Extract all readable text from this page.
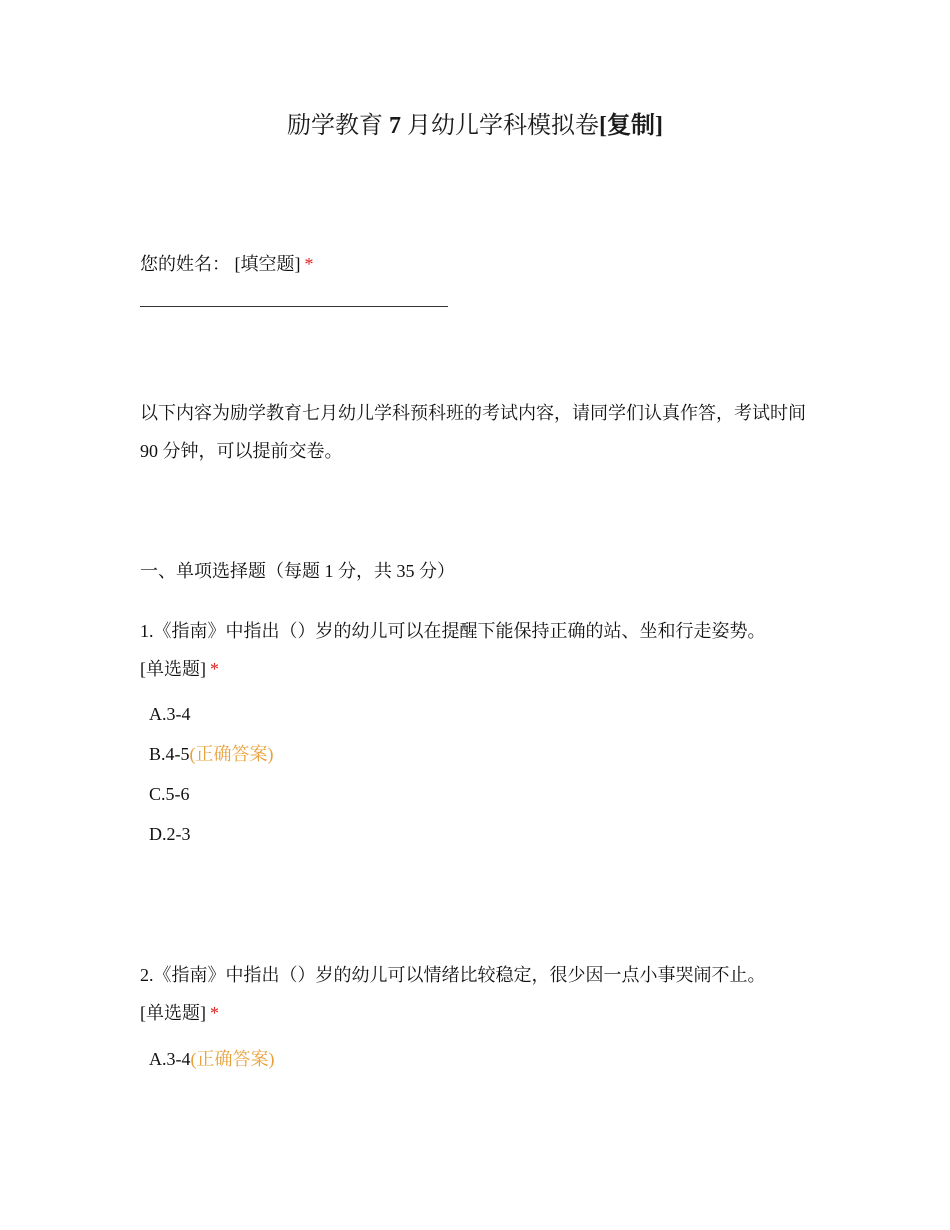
励学教育 7 月幼儿学科模拟卷[复制]
您的姓名： [填空题] *
以下内容为励学教育七月幼儿学科预科班的考试内容，请同学们认真作答，考试时间 90 分钟，可以提前交卷。
一、单项选择题（每题 1 分，共 35 分）
1.《指南》中指出（）岁的幼儿可以在提醒下能保持正确的站、坐和行走姿势。
[单选题] *
A.3-4
B.4-5(正确答案)
C.5-6
D.2-3
2.《指南》中指出（）岁的幼儿可以情绪比较稳定，很少因一点小事哭闹不止。
[单选题] *
A.3-4(正确答案)
